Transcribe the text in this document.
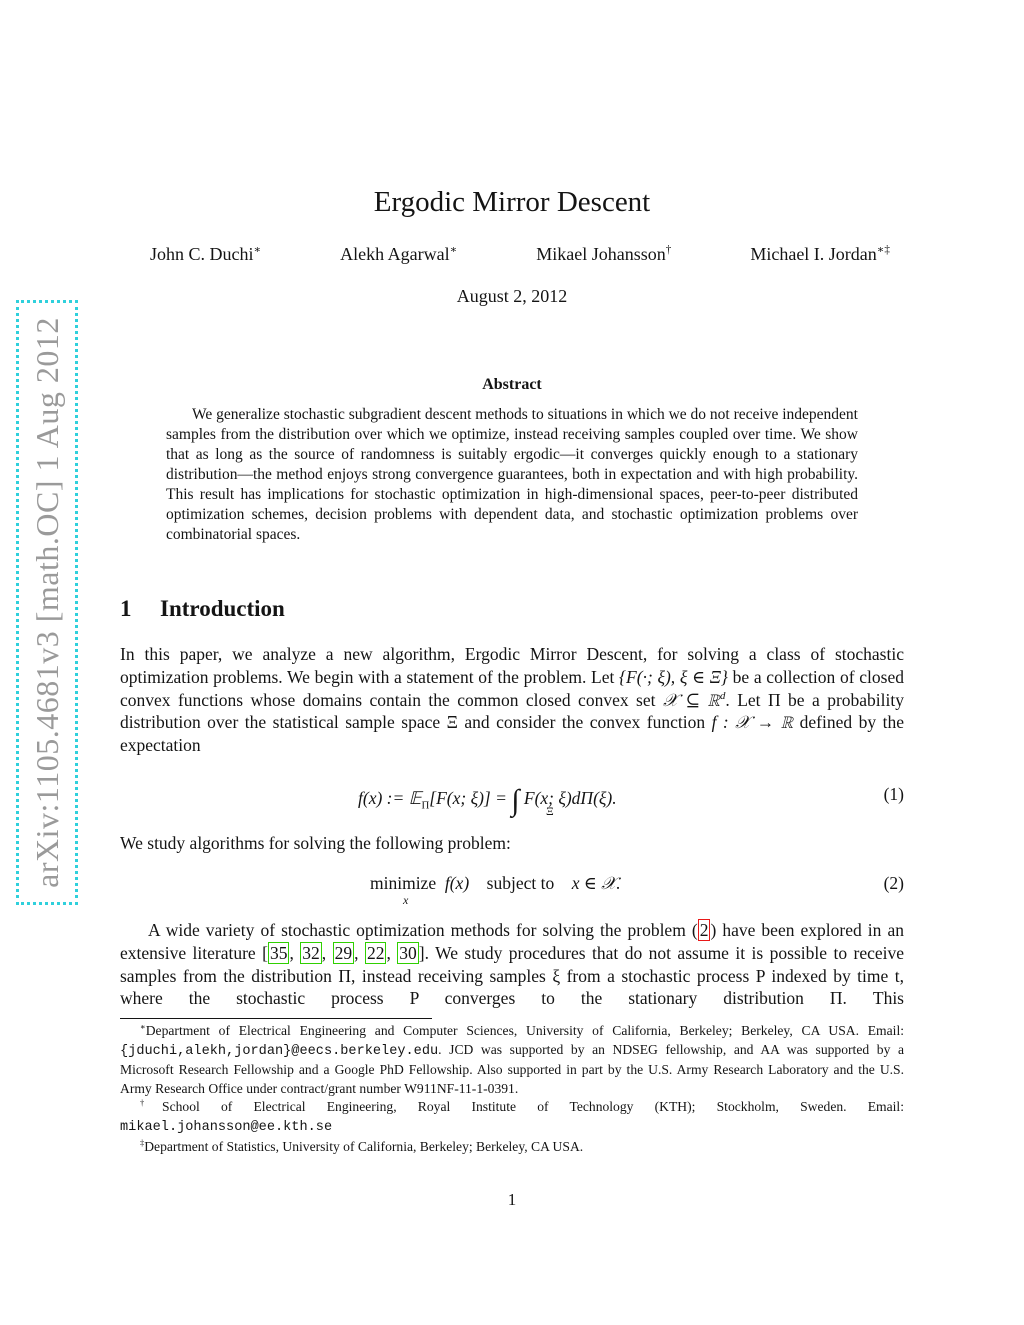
arXiv:1105.4681v3 [math.OC] 1 Aug 2012
Ergodic Mirror Descent
John C. Duchi∗	Alekh Agarwal∗	Mikael Johansson†	Michael I. Jordan∗‡
August 2, 2012
Abstract

We generalize stochastic subgradient descent methods to situations in which we do not receive independent samples from the distribution over which we optimize, instead receiving samples coupled over time. We show that as long as the source of randomness is suitably ergodic—it converges quickly enough to a stationary distribution—the method enjoys strong convergence guarantees, both in expectation and with high probability. This result has implications for stochastic optimization in high-dimensional spaces, peer-to-peer distributed optimization schemes, decision problems with dependent data, and stochastic optimization problems over combinatorial spaces.

1 Introduction

In this paper, we analyze a new algorithm, Ergodic Mirror Descent, for solving a class of stochastic optimization problems. We begin with a statement of the problem. Let {F(·; ξ), ξ ∈ Ξ} be a collection of closed convex functions whose domains contain the common closed convex set 𝒳 ⊆ ℝ$^d$. Let Π be a probability distribution over the statistical sample space Ξ and consider the convex function f : 𝒳 → ℝ defined by the expectation

f(x) := 𝔼$_\Pi$[F(x; ξ)] = ∫ F(x; ξ)dΠ(ξ).
Ξ
(1)

We study algorithms for solving the following problem:

minimize f(x) subject to x ∈ 𝒳.
x
(2)

A wide variety of stochastic optimization methods for solving the problem ( 2 ) have been explored in an extensive literature [ 35 , 32 , 29 , 22 , 30 ]. We study procedures that do not assume it is possible to receive samples from the distribution Π, instead receiving samples ξ from a stochastic process P indexed by time t, where the stochastic process P converges to the stationary distribution Π. This

∗Department of Electrical Engineering and Computer Sciences, University of California, Berkeley; Berkeley, CA USA. Email: {jduchi,alekh,jordan}@eecs.berkeley.edu. JCD was supported by an NDSEG fellowship, and AA was supported by a Microsoft Research Fellowship and a Google PhD Fellowship. Also supported in part by the U.S. Army Research Laboratory and the U.S. Army Research Office under contract/grant number W911NF-11-1-0391.

†School of Electrical Engineering, Royal Institute of Technology (KTH); Stockholm, Sweden. Email: mikael.johansson@ee.kth.se

‡Department of Statistics, University of California, Berkeley; Berkeley, CA USA.

1
